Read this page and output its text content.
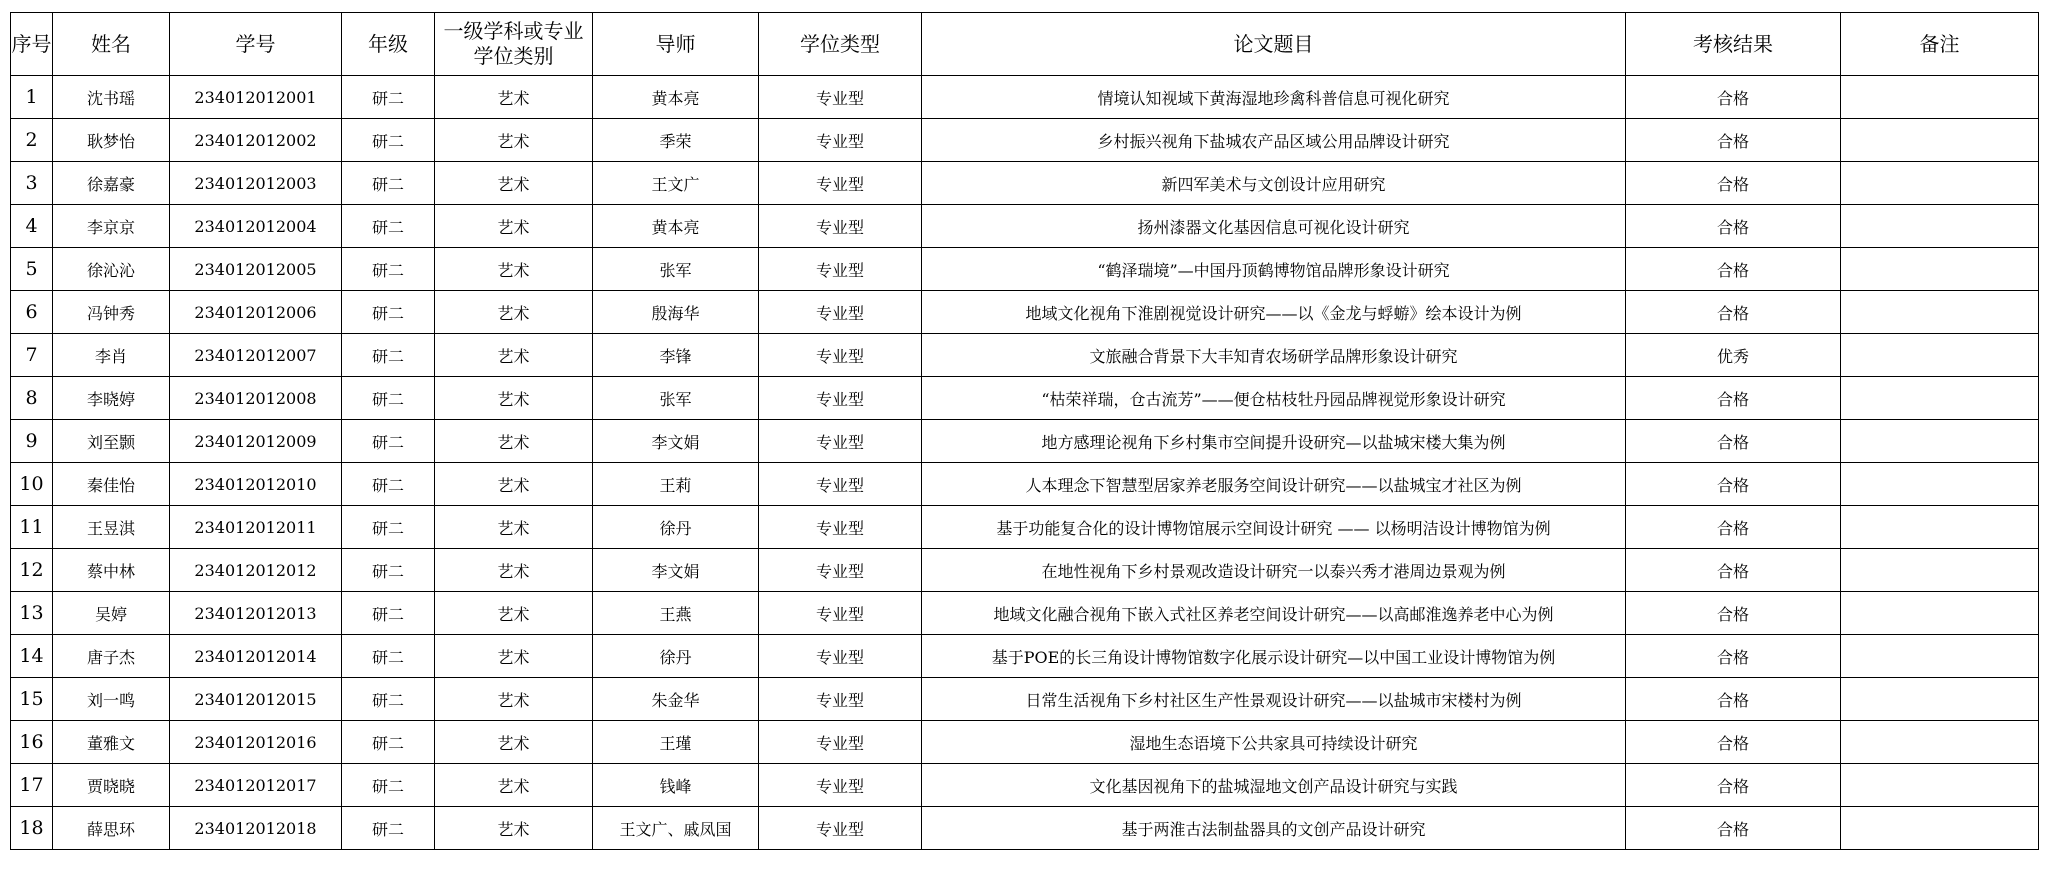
序号	姓名	学号	年级	一级学科或专业学位类别	导师	学位类型	论文题目	考核结果	备注
1	沈书瑶	234012012001	研二	艺术	黄本亮	专业型	情境认知视域下黄海湿地珍禽科普信息可视化研究	合格	
2	耿梦怡	234012012002	研二	艺术	季荣	专业型	乡村振兴视角下盐城农产品区域公用品牌设计研究	合格	
3	徐嘉豪	234012012003	研二	艺术	王文广	专业型	新四军美术与文创设计应用研究	合格	
4	李京京	234012012004	研二	艺术	黄本亮	专业型	扬州漆器文化基因信息可视化设计研究	合格	
5	徐沁沁	234012012005	研二	艺术	张军	专业型	“鹤泽瑞境”—中国丹顶鹤博物馆品牌形象设计研究	合格	
6	冯钟秀	234012012006	研二	艺术	殷海华	专业型	地域文化视角下淮剧视觉设计研究——以《金龙与蜉蝣》绘本设计为例	合格	
7	李肖	234012012007	研二	艺术	李锋	专业型	文旅融合背景下大丰知青农场研学品牌形象设计研究	优秀	
8	李晓婷	234012012008	研二	艺术	张军	专业型	“枯荣祥瑞，仓古流芳”——便仓枯枝牡丹园品牌视觉形象设计研究	合格	
9	刘至颢	234012012009	研二	艺术	李文娟	专业型	地方感理论视角下乡村集市空间提升设研究—以盐城宋楼大集为例	合格	
10	秦佳怡	234012012010	研二	艺术	王莉	专业型	人本理念下智慧型居家养老服务空间设计研究——以盐城宝才社区为例	合格	
11	王昱淇	234012012011	研二	艺术	徐丹	专业型	基于功能复合化的设计博物馆展示空间设计研究 —— 以杨明洁设计博物馆为例	合格	
12	蔡中林	234012012012	研二	艺术	李文娟	专业型	在地性视角下乡村景观改造设计研究一以泰兴秀才港周边景观为例	合格	
13	吴婷	234012012013	研二	艺术	王燕	专业型	地域文化融合视角下嵌入式社区养老空间设计研究——以高邮淮逸养老中心为例	合格	
14	唐子杰	234012012014	研二	艺术	徐丹	专业型	基于POE的长三角设计博物馆数字化展示设计研究—以中国工业设计博物馆为例	合格	
15	刘一鸣	234012012015	研二	艺术	朱金华	专业型	日常生活视角下乡村社区生产性景观设计研究——以盐城市宋楼村为例	合格	
16	董雅文	234012012016	研二	艺术	王瑾	专业型	湿地生态语境下公共家具可持续设计研究	合格	
17	贾晓晓	234012012017	研二	艺术	钱峰	专业型	文化基因视角下的盐城湿地文创产品设计研究与实践	合格	
18	薛思环	234012012018	研二	艺术	王文广、戚凤国	专业型	基于两淮古法制盐器具的文创产品设计研究	合格	
